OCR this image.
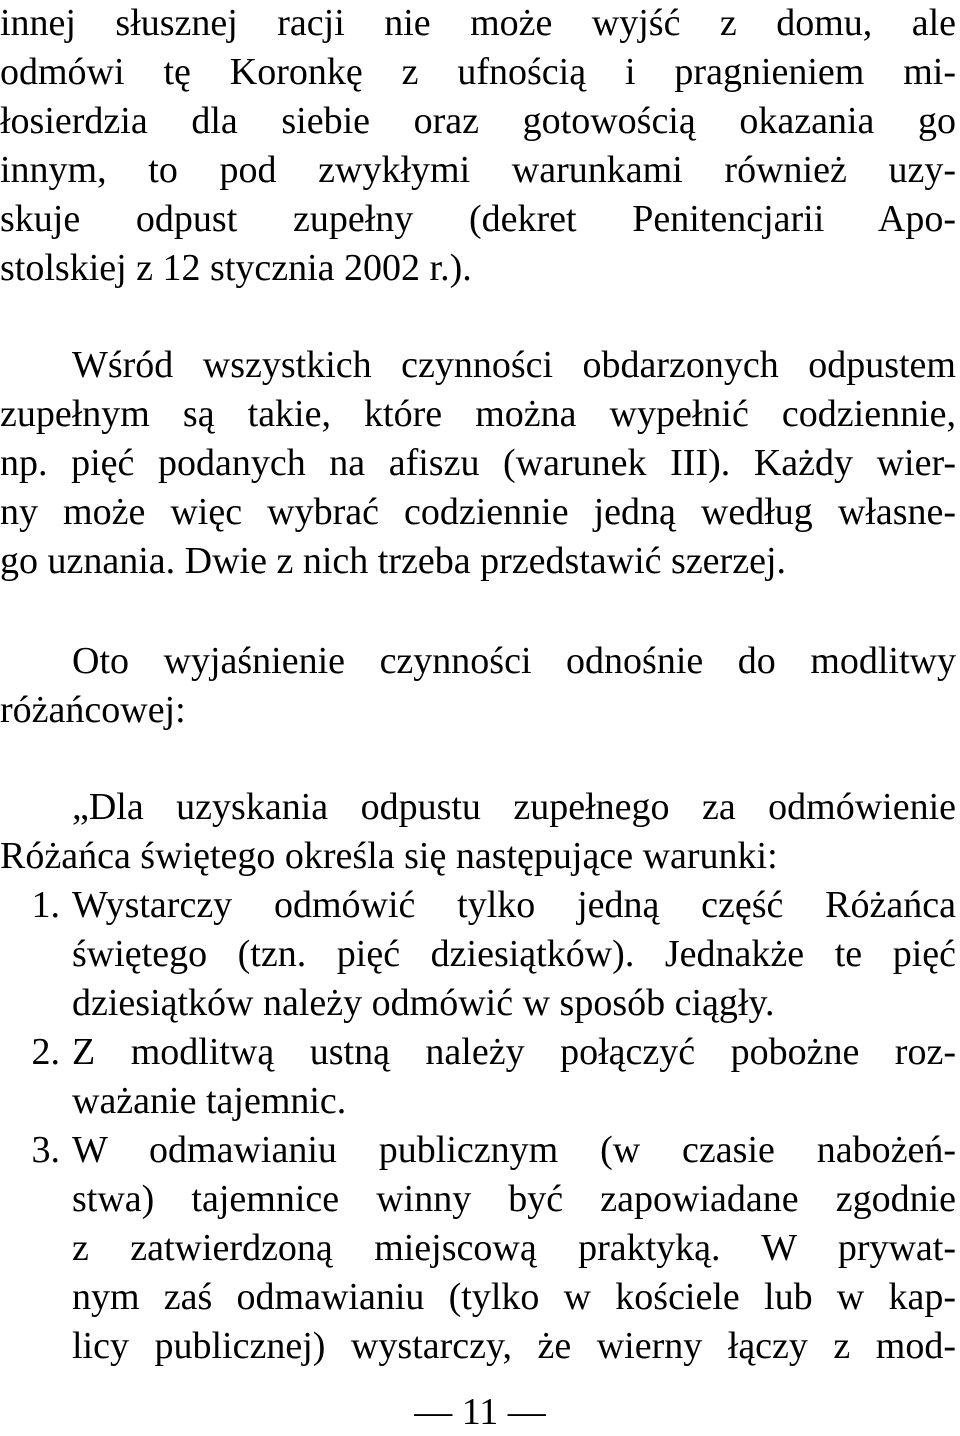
innej słusznej racji nie może wyjść z domu, ale
odmówi tę Koronkę z ufnością i pragnieniem mi-
łosierdzia dla siebie oraz gotowością okazania go
innym, to pod zwykłymi warunkami również uzy-
skuje odpust zupełny (dekret Penitencjarii Apo-
stolskiej z 12 stycznia 2002 r.).
Wśród wszystkich czynności obdarzonych odpustem
zupełnym są takie, które można wypełnić codziennie,
np. pięć podanych na afiszu (warunek III). Każdy wier-
ny może więc wybrać codziennie jedną według własne-
go uznania. Dwie z nich trzeba przedstawić szerzej.
Oto wyjaśnienie czynności odnośnie do modlitwy
różańcowej:
„Dla uzyskania odpustu zupełnego za odmówienie
Różańca świętego określa się następujące warunki:
1. Wystarczy odmówić tylko jedną część Różańca
świętego (tzn. pięć dziesiątków). Jednakże te pięć
dziesiątków należy odmówić w sposób ciągły.
2. Z modlitwą ustną należy połączyć pobożne roz-
ważanie tajemnic.
3. W odmawianiu publicznym (w czasie nabożeń-
stwa) tajemnice winny być zapowiadane zgodnie
z zatwierdzoną miejscową praktyką. W prywat-
nym zaś odmawianiu (tylko w kościele lub w kap-
licy publicznej) wystarczy, że wierny łączy z mod-
— 11 —
